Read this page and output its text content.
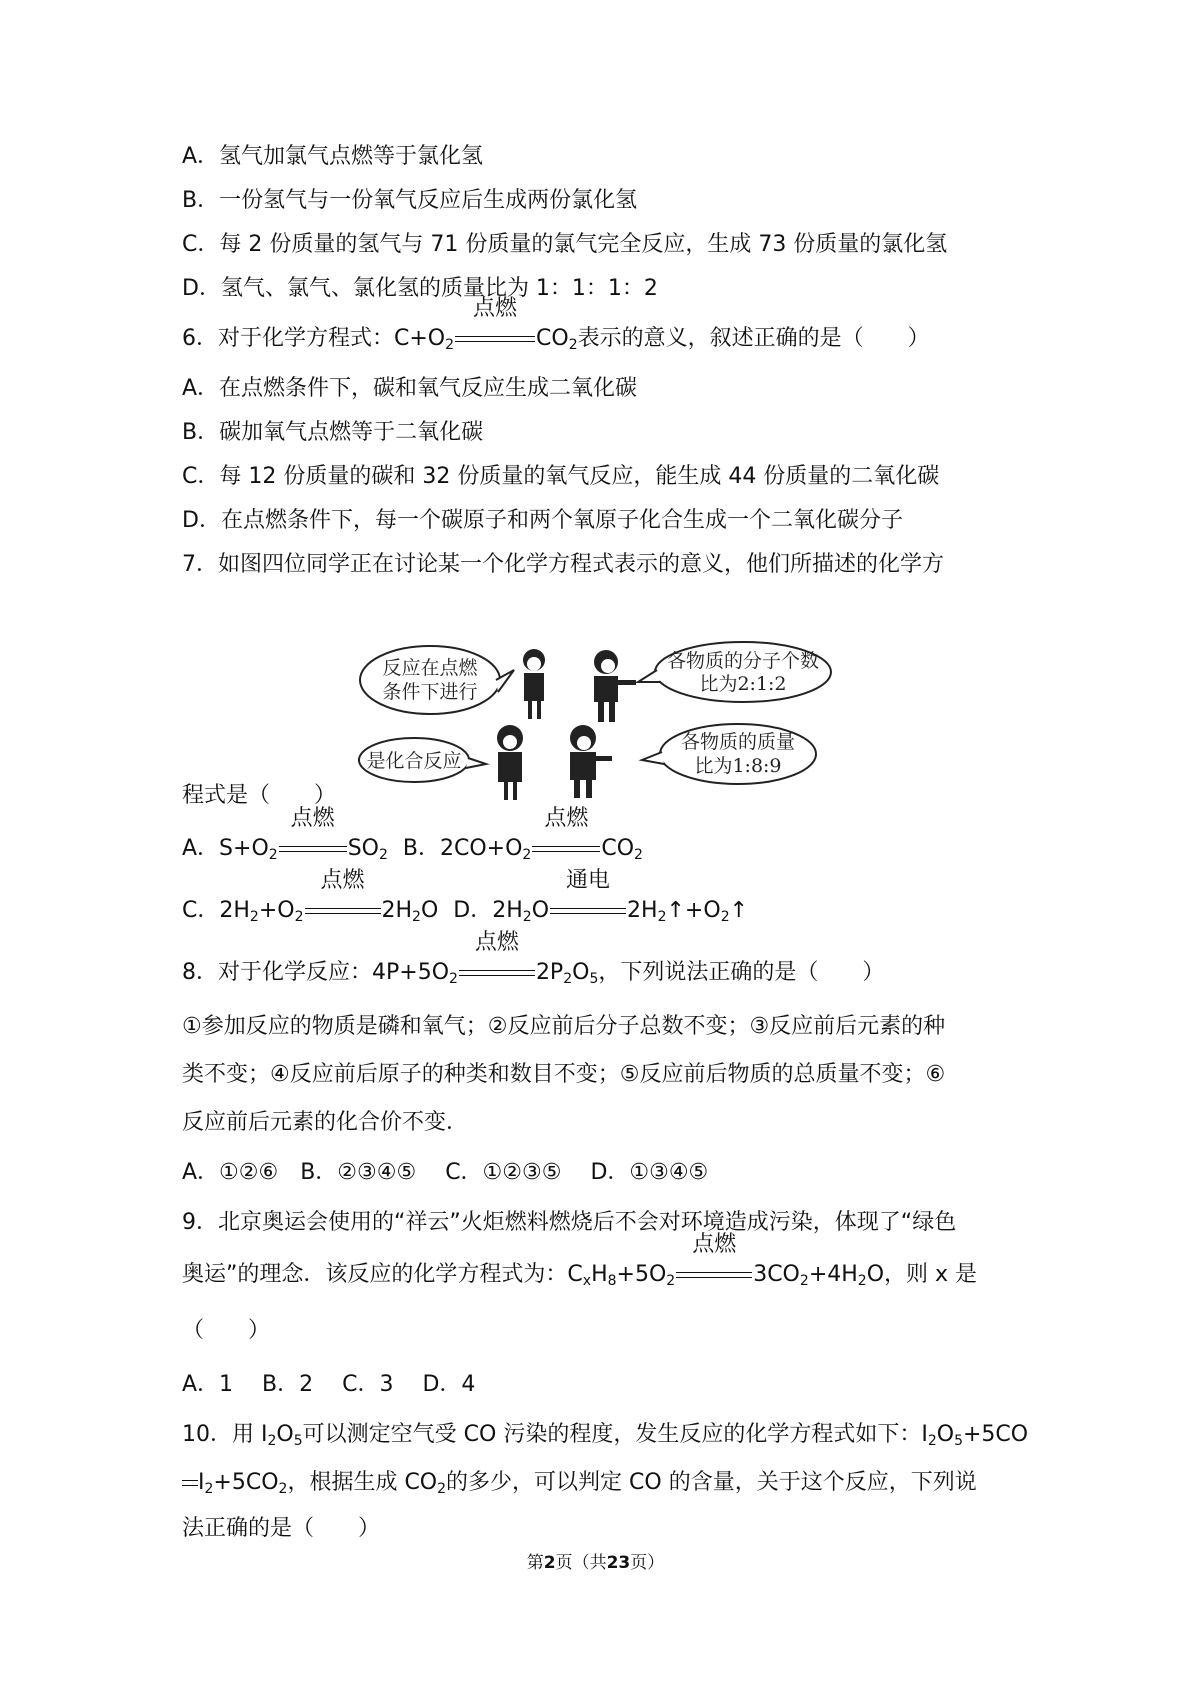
A．氢气加氯气点燃等于氯化氢
B．一份氢气与一份氧气反应后生成两份氯化氢
C．每 2 份质量的氢气与 71 份质量的氯气完全反应，生成 73 份质量的氯化氢
D．氢气、氯气、氯化氢的质量比为 1：1：1：2
6．对于化学方程式：$C+O_2$
点燃
$CO_2$表示的意义，叙述正确的是（　　）
A．在点燃条件下，碳和氧气反应生成二氧化碳
B．碳加氧气点燃等于二氧化碳
C．每 12 份质量的碳和 32 份质量的氧气反应，能生成 44 份质量的二氧化碳
D．在点燃条件下，每一个碳原子和两个氧原子化合生成一个二氧化碳分子
7．如图四位同学正在讨论某一个化学方程式表示的意义，他们所描述的化学方
反应在点燃
条件下进行
各物质的分子个数
比为2:1:2
是化合反应
各物质的质量
比为1:8:9
程式是（　　）
A．$S+O_2$
点燃
$SO_2$ B．$2CO+O_2$
点燃
$CO_2$
C．$2H_2+O_2$
点燃
$2H_2O$ D．$2H_2O$
通电
$2H_2↑+O_2↑$
8．对于化学反应：$4P+5O_2$
点燃
$2P_2O_5$，下列说法正确的是（　　）
①参加反应的物质是磷和氧气；②反应前后分子总数不变；③反应前后元素的种
类不变；④反应前后原子的种类和数目不变；⑤反应前后物质的总质量不变；⑥
反应前后元素的化合价不变．
A．①②⑥　B．②③④⑤　 C．①②③⑤　 D．①③④⑤
9．北京奥运会使用的“祥云”火炬燃料燃烧后不会对环境造成污染，体现了“绿色
奥运”的理念．该反应的化学方程式为：$C_xH_8+5O_2$
点燃
$3CO_2+4H_2O$，则 x 是
（　　）
A．1　 B．2　 C．3　 D．4
10．用 $I_2O_5$可以测定空气受 CO 污染的程度，发生反应的化学方程式如下：$I_2O_5+5CO$
$I_2+5CO_2$，根据生成 $CO_2$的多少，可以判定 CO 的含量，关于这个反应，下列说
法正确的是（　　）
第2页（共23页）
